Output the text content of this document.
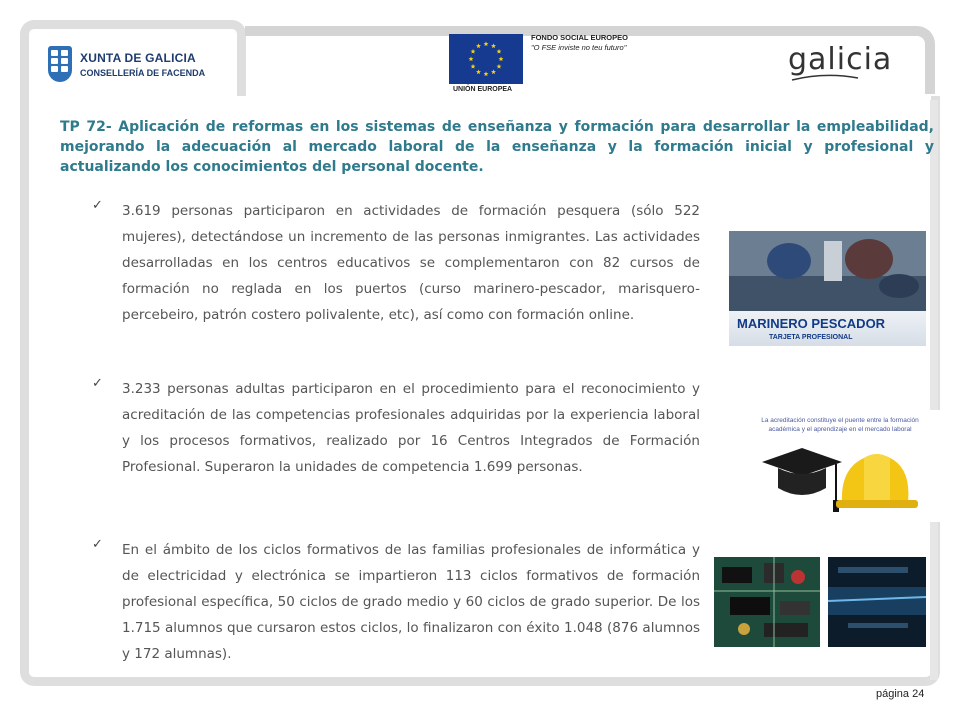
XUNTA DE GALICIA
CONSELLERÍA DE FACENDA
UNIÓN EUROPEA
FONDO SOCIAL EUROPEO
"O FSE inviste no teu futuro"	galicia

TP 72- Aplicación de reformas en los sistemas de enseñanza y formación para desarrollar la empleabilidad, mejorando la adecuación al mercado laboral de la enseñanza y la formación inicial y profesional y actualizando los conocimientos del personal docente.

✓ 3.619 personas participaron en actividades de formación pesquera (sólo 522 mujeres), detectándose un incremento de las personas inmigrantes. Las actividades desarrolladas en los centros educativos se complementaron con 82 cursos de formación no reglada en los puertos (curso marinero-pescador, marisquero-percebeiro, patrón costero polivalente, etc), así como con formación online.
✓ 3.233 personas adultas participaron en el procedimiento para el reconocimiento y acreditación de las competencias profesionales adquiridas por la experiencia laboral y los procesos formativos, realizado por 16 Centros Integrados de Formación Profesional. Superaron la unidades de competencia 1.699 personas.
✓ En el ámbito de los ciclos formativos de las familias profesionales de informática y de electricidad y electrónica se impartieron 113 ciclos formativos de formación profesional específica, 50 ciclos de grado medio y 60 ciclos de grado superior. De los 1.715 alumnos que cursaron estos ciclos, lo finalizaron con éxito 1.048 (876 alumnos y 172 alumnas).
MARINERO PESCADOR
TARJETA PROFESIONAL
La acreditación constituye el puente entre la formación académica y el aprendizaje en el mercado laboral
página 24
